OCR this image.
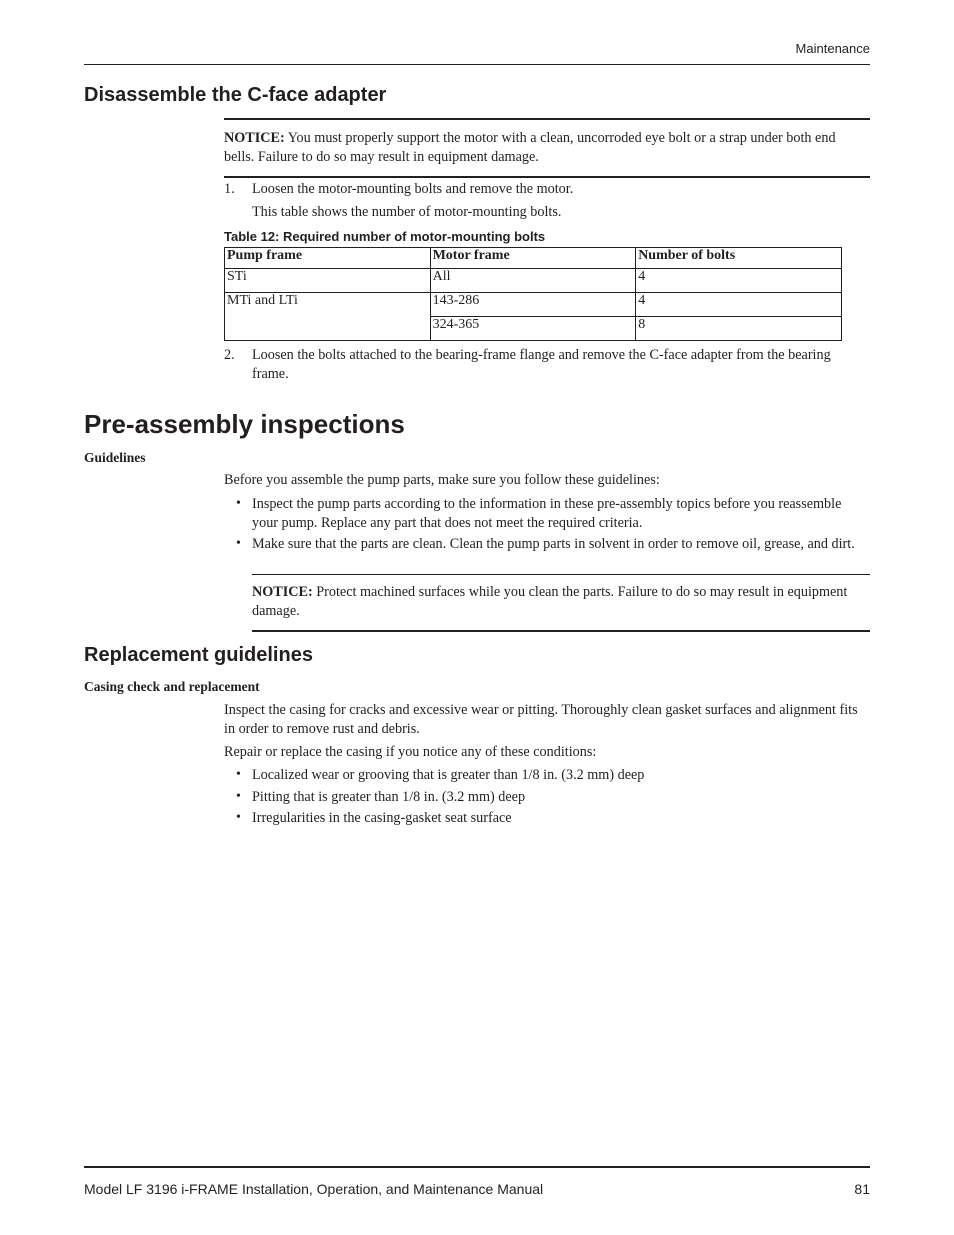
Maintenance
Disassemble the C-face adapter
NOTICE: You must properly support the motor with a clean, uncorroded eye bolt or a strap under both end bells. Failure to do so may result in equipment damage.
1. Loosen the motor-mounting bolts and remove the motor.
This table shows the number of motor-mounting bolts.
Table 12: Required number of motor-mounting bolts
Pump frame	Motor frame	Number of bolts
STi	All	4
MTi and LTi	143-286	4
	324-365	8
2. Loosen the bolts attached to the bearing-frame flange and remove the C-face adapter from the bearing frame.
Pre-assembly inspections
Guidelines
Before you assemble the pump parts, make sure you follow these guidelines:
• Inspect the pump parts according to the information in these pre-assembly topics before you reassemble your pump. Replace any part that does not meet the required criteria.
• Make sure that the parts are clean. Clean the pump parts in solvent in order to remove oil, grease, and dirt.
NOTICE: Protect machined surfaces while you clean the parts. Failure to do so may result in equipment damage.
Replacement guidelines
Casing check and replacement
Inspect the casing for cracks and excessive wear or pitting. Thoroughly clean gasket surfaces and alignment fits in order to remove rust and debris.
Repair or replace the casing if you notice any of these conditions:
• Localized wear or grooving that is greater than 1/8 in. (3.2 mm) deep
• Pitting that is greater than 1/8 in. (3.2 mm) deep
• Irregularities in the casing-gasket seat surface
Model LF 3196 i-FRAME Installation, Operation, and Maintenance Manual	81
